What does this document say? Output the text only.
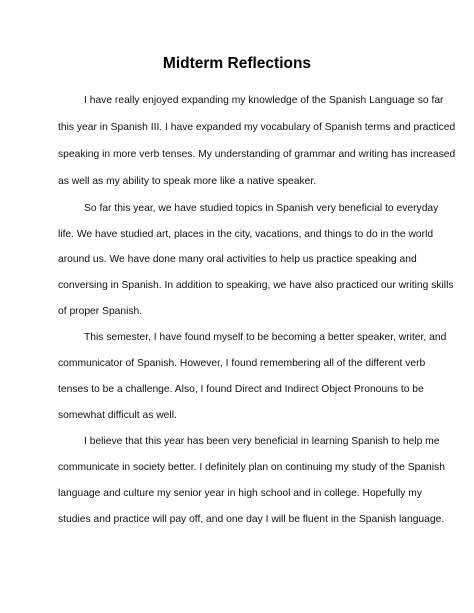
Midterm Reflections

I have really enjoyed expanding my knowledge of the Spanish Language so far

this year in Spanish III. I have expanded my vocabulary of Spanish terms and practiced

speaking in more verb tenses. My understanding of grammar and writing has increased

as well as my ability to speak more like a native speaker.

So far this year, we have studied topics in Spanish very beneficial to everyday

life. We have studied art, places in the city, vacations, and things to do in the world

around us. We have done many oral activities to help us practice speaking and

conversing in Spanish. In addition to speaking, we have also practiced our writing skills

of proper Spanish.

This semester, I have found myself to be becoming a better speaker, writer, and

communicator of Spanish. However, I found remembering all of the different verb

tenses to be a challenge. Also, I found Direct and Indirect Object Pronouns to be

somewhat difficult as well.

I believe that this year has been very beneficial in learning Spanish to help me

communicate in society better. I definitely plan on continuing my study of the Spanish

language and culture my senior year in high school and in college. Hopefully my

studies and practice will pay off, and one day I will be fluent in the Spanish language.
